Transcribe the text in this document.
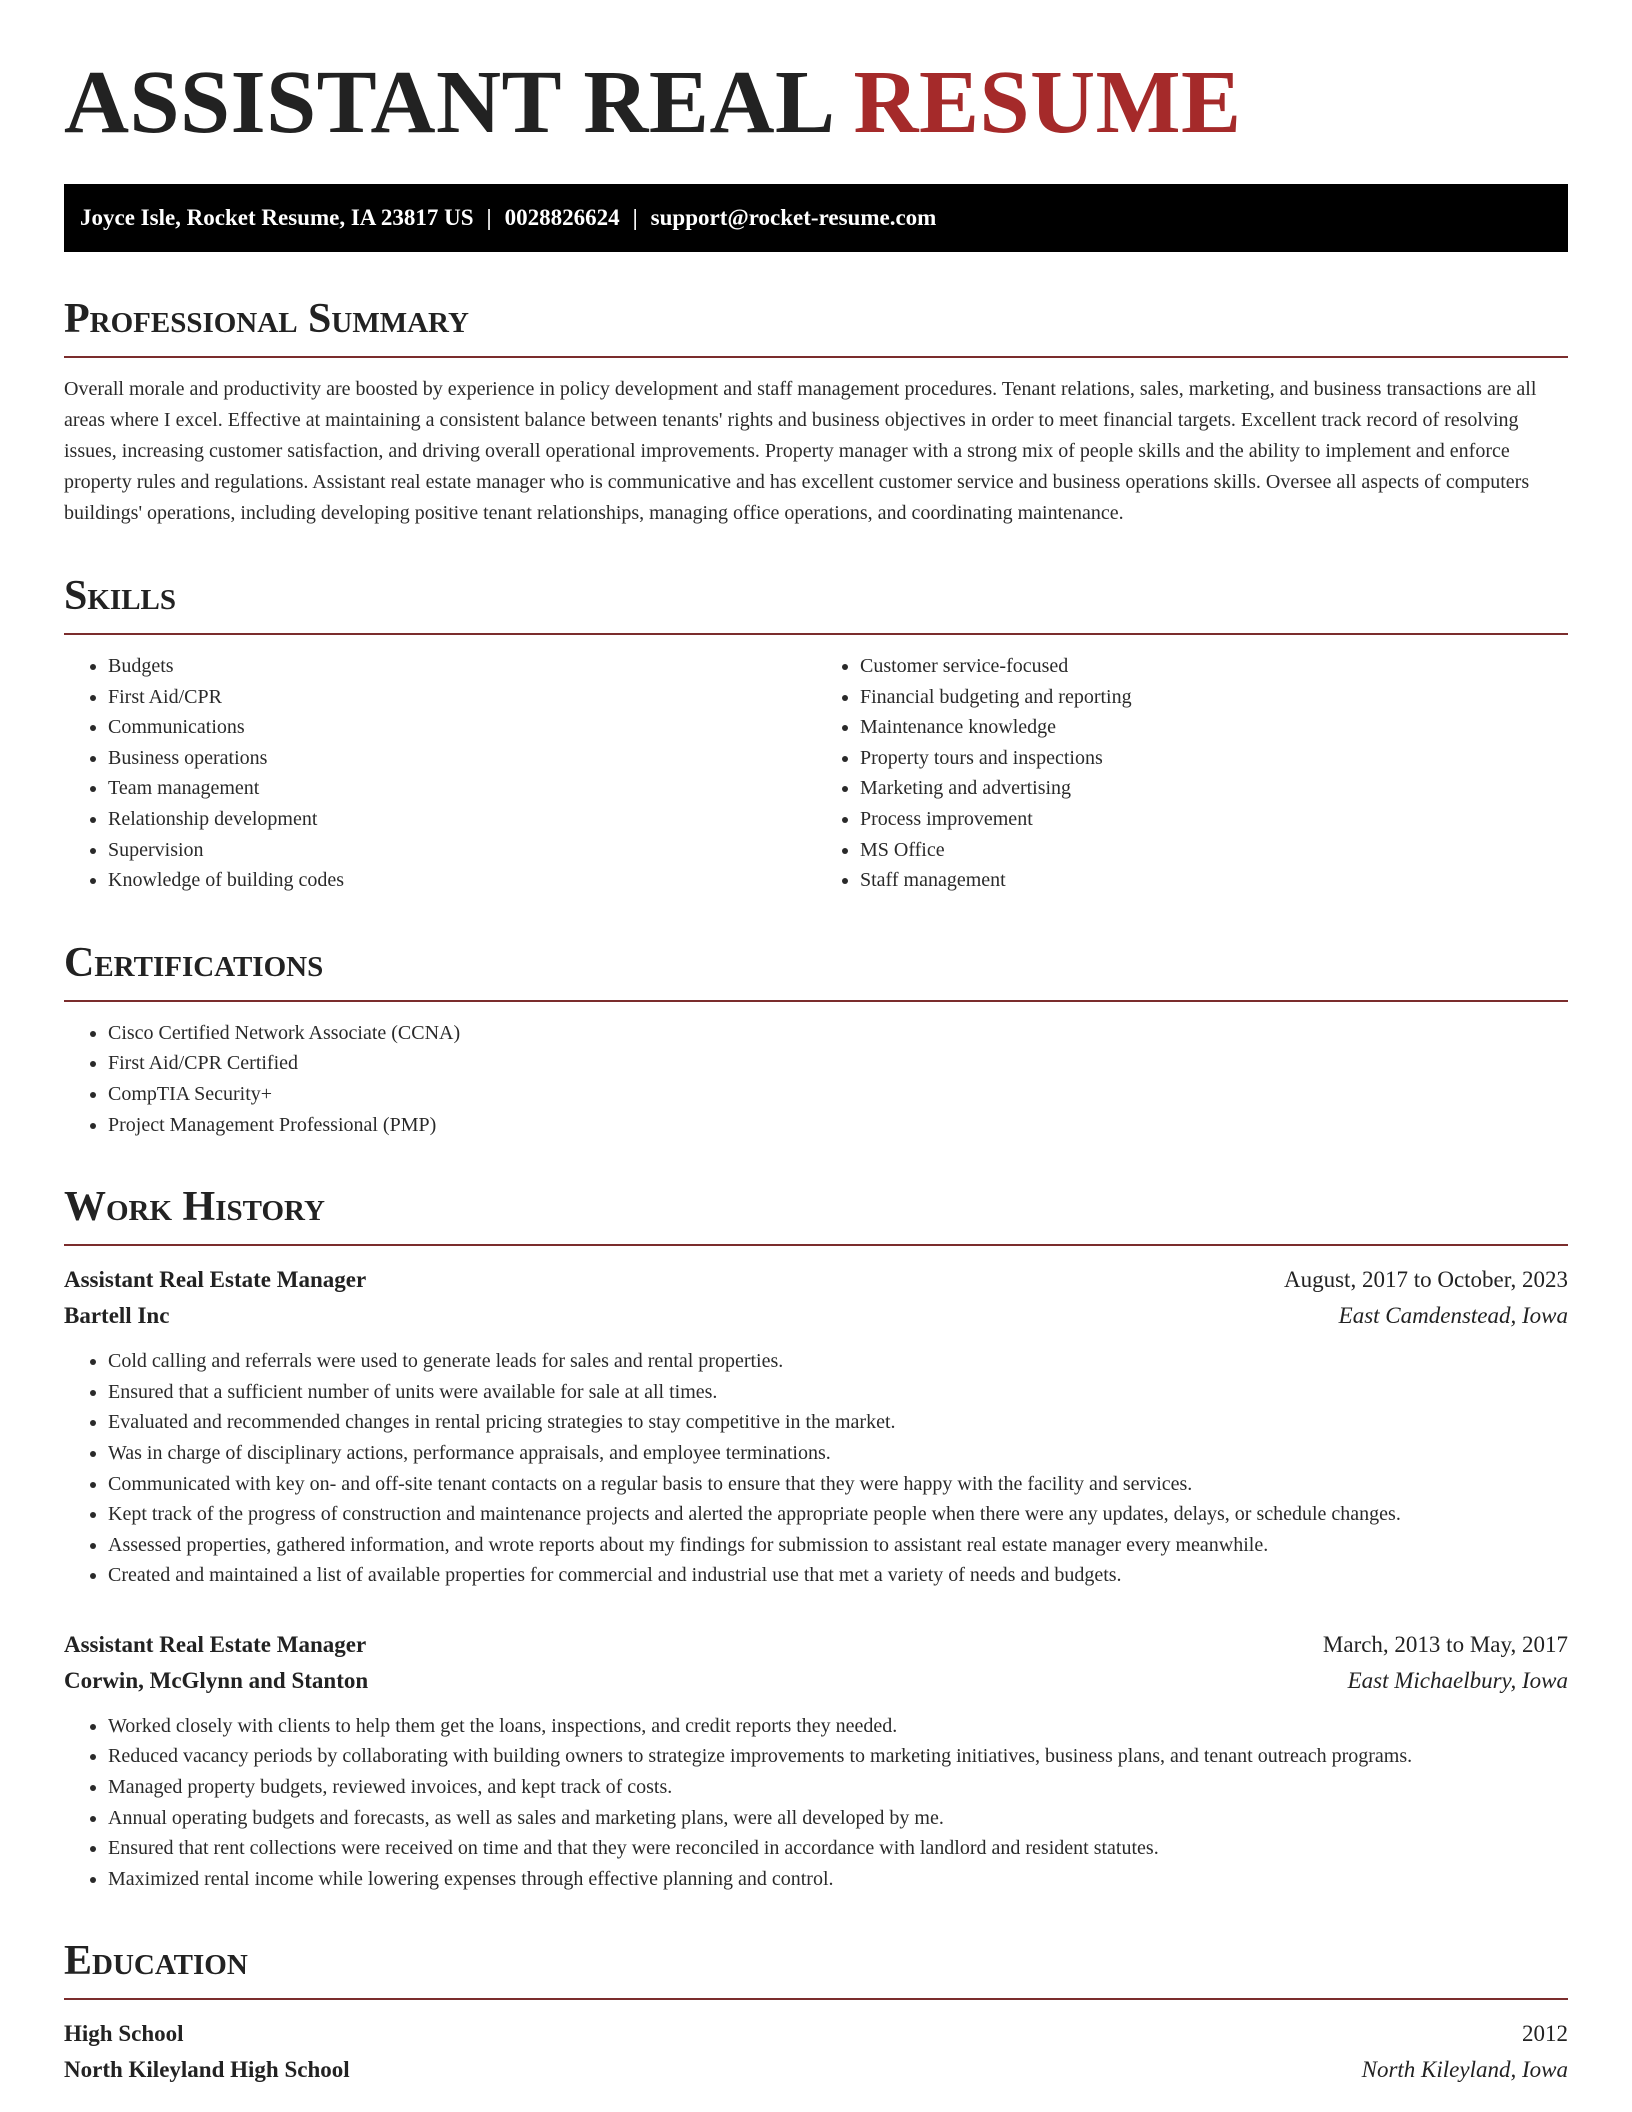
ASSISTANT REAL RESUME
Joyce Isle, Rocket Resume, IA 23817 US | 0028826624 | support@rocket-resume.com
Professional Summary

Overall morale and productivity are boosted by experience in policy development and staff management procedures. Tenant relations, sales, marketing, and business transactions are all areas where I excel. Effective at maintaining a consistent balance between tenants' rights and business objectives in order to meet financial targets. Excellent track record of resolving issues, increasing customer satisfaction, and driving overall operational improvements. Property manager with a strong mix of people skills and the ability to implement and enforce property rules and regulations. Assistant real estate manager who is communicative and has excellent customer service and business operations skills. Oversee all aspects of computers buildings' operations, including developing positive tenant relationships, managing office operations, and coordinating maintenance.

Skills
• Budgets
• First Aid/CPR
• Communications
• Business operations
• Team management
• Relationship development
• Supervision
• Knowledge of building codes
• Customer service-focused
• Financial budgeting and reporting
• Maintenance knowledge
• Property tours and inspections
• Marketing and advertising
• Process improvement
• MS Office
• Staff management
Certifications
• Cisco Certified Network Associate (CCNA)
• First Aid/CPR Certified
• CompTIA Security+
• Project Management Professional (PMP)
Work History
Assistant Real Estate Manager	August, 2017 to October, 2023
Bartell Inc	East Camdenstead, Iowa
• Cold calling and referrals were used to generate leads for sales and rental properties.
• Ensured that a sufficient number of units were available for sale at all times.
• Evaluated and recommended changes in rental pricing strategies to stay competitive in the market.
• Was in charge of disciplinary actions, performance appraisals, and employee terminations.
• Communicated with key on- and off-site tenant contacts on a regular basis to ensure that they were happy with the facility and services.
• Kept track of the progress of construction and maintenance projects and alerted the appropriate people when there were any updates, delays, or schedule changes.
• Assessed properties, gathered information, and wrote reports about my findings for submission to assistant real estate manager every meanwhile.
• Created and maintained a list of available properties for commercial and industrial use that met a variety of needs and budgets.
Assistant Real Estate Manager	March, 2013 to May, 2017
Corwin, McGlynn and Stanton	East Michaelbury, Iowa
• Worked closely with clients to help them get the loans, inspections, and credit reports they needed.
• Reduced vacancy periods by collaborating with building owners to strategize improvements to marketing initiatives, business plans, and tenant outreach programs.
• Managed property budgets, reviewed invoices, and kept track of costs.
• Annual operating budgets and forecasts, as well as sales and marketing plans, were all developed by me.
• Ensured that rent collections were received on time and that they were reconciled in accordance with landlord and resident statutes.
• Maximized rental income while lowering expenses through effective planning and control.
Education
High School	2012
North Kileyland High School	North Kileyland, Iowa
